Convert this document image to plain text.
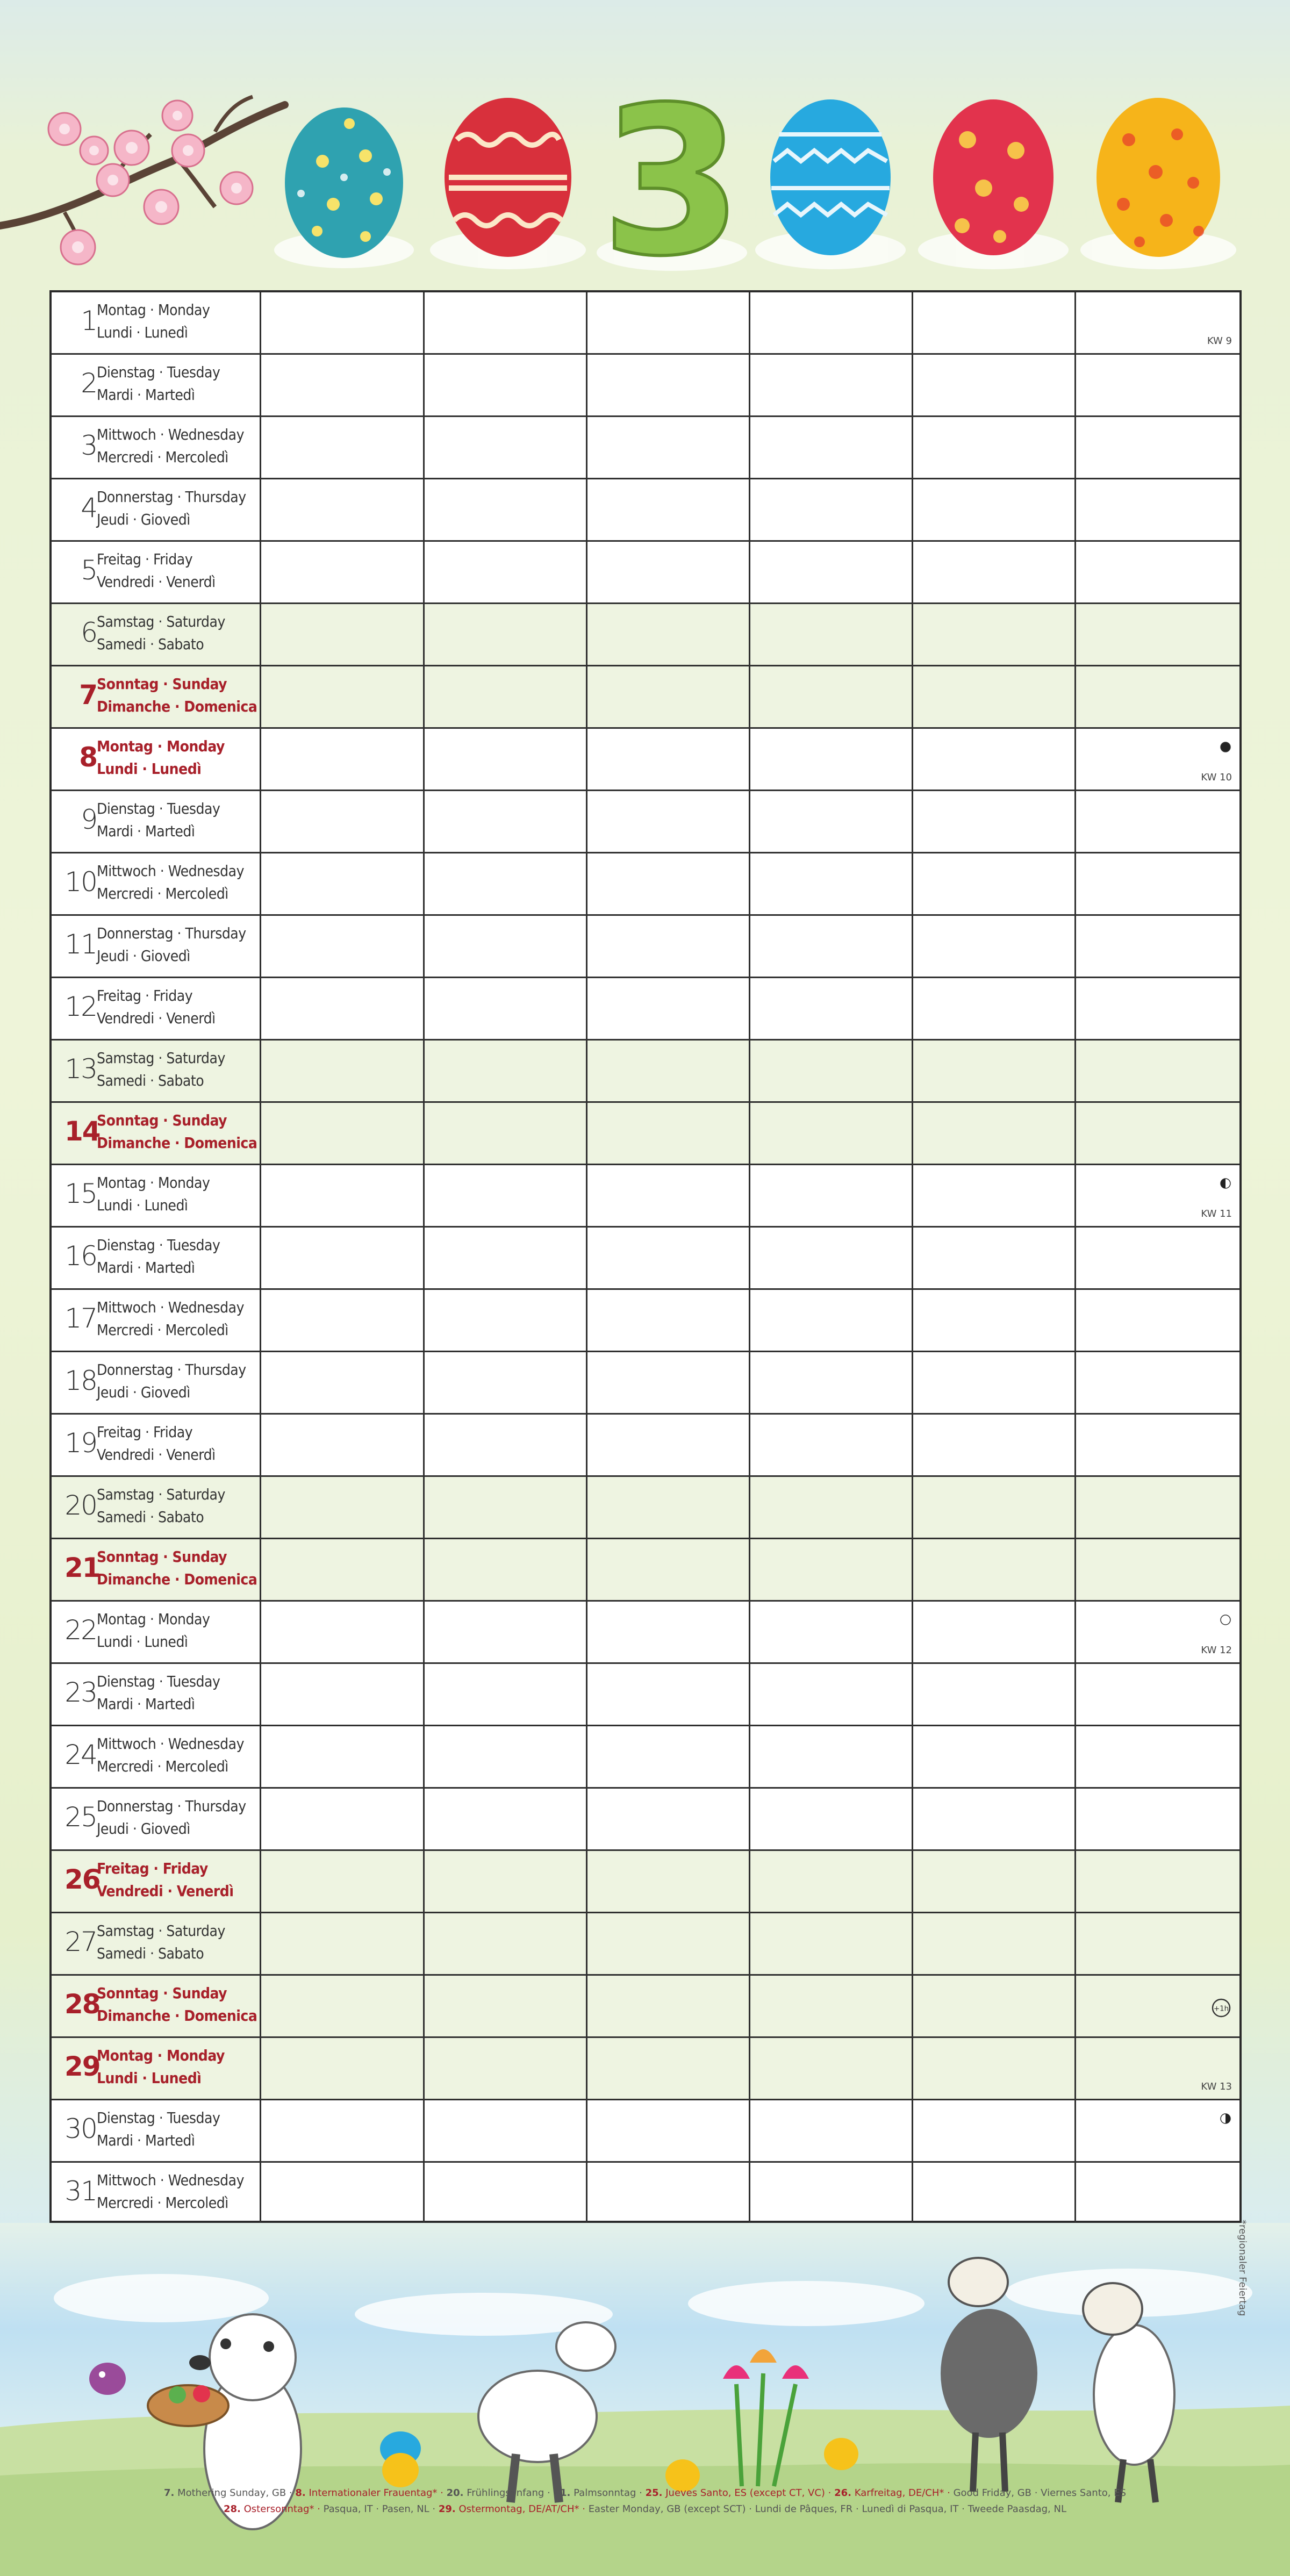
3
1 Montag · Monday
Lundi · Lunedì	KW 9
2 Dienstag · Tuesday
Mardi · Martedì
3 Mittwoch · Wednesday
Mercredi · Mercoledì
4 Donnerstag · Thursday
Jeudi · Giovedì
5 Freitag · Friday
Vendredi · Venerdì
6 Samstag · Saturday
Samedi · Sabato
7 Sonntag · Sunday
Dimanche · Domenica
8 Montag · Monday
Lundi · Lunedì	KW 10
9 Dienstag · Tuesday
Mardi · Martedì
10 Mittwoch · Wednesday
Mercredi · Mercoledì
11 Donnerstag · Thursday
Jeudi · Giovedì
12 Freitag · Friday
Vendredi · Venerdì
13 Samstag · Saturday
Samedi · Sabato
14
Sonntag · Sunday
Dimanche · Domenica
15 Montag · Monday
Lundi · Lunedì	KW 11
16 Dienstag · Tuesday
Mardi · Martedì
17 Mittwoch · Wednesday
Mercredi · Mercoledì
18 Donnerstag · Thursday
Jeudi · Giovedì
19 Freitag · Friday
Vendredi · Venerdì
20 Samstag · Saturday
Samedi · Sabato
21
Sonntag · Sunday
Dimanche · Domenica
22 Montag · Monday
Lundi · Lunedì	KW 12
23 Dienstag · Tuesday
Mardi · Martedì
24 Mittwoch · Wednesday
Mercredi · Mercoledì
25 Donnerstag · Thursday
Jeudi · Giovedì
26
Freitag · Friday
Vendredi · Venerdì
27 Samstag · Saturday
Samedi · Sabato
28
Sonntag · Sunday
Dimanche · Domenica	+1h
29
Montag · Monday
Lundi · Lunedì	KW 13
30 Dienstag · Tuesday
Mardi · Martedì
31 Mittwoch · Wednesday
Mercredi · Mercoledì
7. Mothering Sunday, GB · 8. Internationaler Frauentag* · 20. Frühlingsanfang · 21. Palmsonntag · 25. Jueves Santo, ES (except CT, VC) · 26. Karfreitag, DE/CH* · Good Friday, GB · Viernes Santo, ES
28. Ostersonntag* · Pasqua, IT · Pasen, NL · 29. Ostermontag, DE/AT/CH* · Easter Monday, GB (except SCT) · Lundi de Pâques, FR · Lunedì di Pasqua, IT · Tweede Paasdag, NL
*regionaler Feiertag
